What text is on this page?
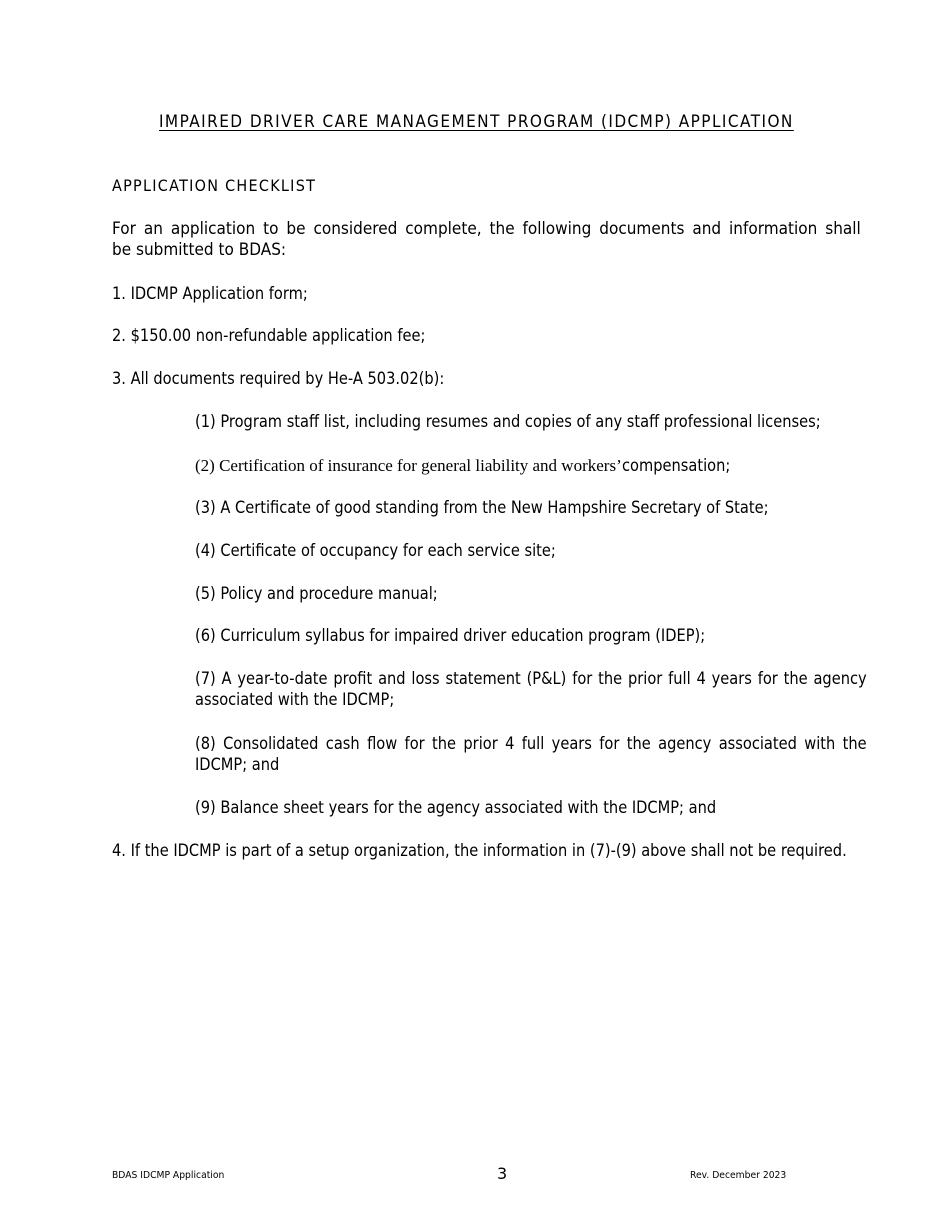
IMPAIRED DRIVER CARE MANAGEMENT PROGRAM (IDCMP) APPLICATION
APPLICATION CHECKLIST
For an application to be considered complete, the following documents and information shall
be submitted to BDAS:
1. IDCMP Application form;
2. $150.00 non-refundable application fee;
3. All documents required by He-A 503.02(b):
(1) Program staff list, including resumes and copies of any staff professional licenses;
(2) Certification of insurance for general liability and workers’compensation;
(3) A Certificate of good standing from the New Hampshire Secretary of State;
(4) Certificate of occupancy for each service site;
(5) Policy and procedure manual;
(6) Curriculum syllabus for impaired driver education program (IDEP);
(7) A year-to-date profit and loss statement (P&L) for the prior full 4 years for the agency
associated with the IDCMP;
(8) Consolidated cash flow for the prior 4 full years for the agency associated with the
IDCMP; and
(9) Balance sheet years for the agency associated with the IDCMP; and
4. If the IDCMP is part of a setup organization, the information in (7)-(9) above shall not be required.
BDAS IDCMP Application	3	Rev. December 2023
